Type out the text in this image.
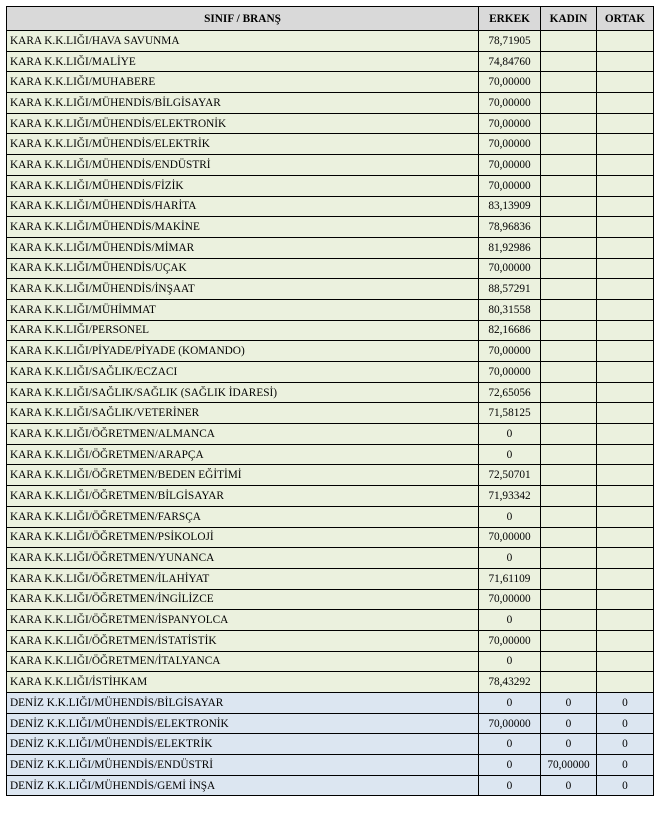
SINIF / BRANŞ	ERKEK	KADIN	ORTAK
KARA K.K.LIĞI/HAVA SAVUNMA	78,71905		
KARA K.K.LIĞI/MALİYE	74,84760		
KARA K.K.LIĞI/MUHABERE	70,00000		
KARA K.K.LIĞI/MÜHENDİS/BİLGİSAYAR	70,00000		
KARA K.K.LIĞI/MÜHENDİS/ELEKTRONİK	70,00000		
KARA K.K.LIĞI/MÜHENDİS/ELEKTRİK	70,00000		
KARA K.K.LIĞI/MÜHENDİS/ENDÜSTRİ	70,00000		
KARA K.K.LIĞI/MÜHENDİS/FİZİK	70,00000		
KARA K.K.LIĞI/MÜHENDİS/HARİTA	83,13909		
KARA K.K.LIĞI/MÜHENDİS/MAKİNE	78,96836		
KARA K.K.LIĞI/MÜHENDİS/MİMAR	81,92986		
KARA K.K.LIĞI/MÜHENDİS/UÇAK	70,00000		
KARA K.K.LIĞI/MÜHENDİS/İNŞAAT	88,57291		
KARA K.K.LIĞI/MÜHİMMAT	80,31558		
KARA K.K.LIĞI/PERSONEL	82,16686		
KARA K.K.LIĞI/PİYADE/PİYADE (KOMANDO)	70,00000		
KARA K.K.LIĞI/SAĞLIK/ECZACI	70,00000		
KARA K.K.LIĞI/SAĞLIK/SAĞLIK (SAĞLIK İDARESİ)	72,65056		
KARA K.K.LIĞI/SAĞLIK/VETERİNER	71,58125		
KARA K.K.LIĞI/ÖĞRETMEN/ALMANCA	0		
KARA K.K.LIĞI/ÖĞRETMEN/ARAPÇA	0		
KARA K.K.LIĞI/ÖĞRETMEN/BEDEN EĞİTİMİ	72,50701		
KARA K.K.LIĞI/ÖĞRETMEN/BİLGİSAYAR	71,93342		
KARA K.K.LIĞI/ÖĞRETMEN/FARSÇA	0		
KARA K.K.LIĞI/ÖĞRETMEN/PSİKOLOJİ	70,00000		
KARA K.K.LIĞI/ÖĞRETMEN/YUNANCA	0		
KARA K.K.LIĞI/ÖĞRETMEN/İLAHİYAT	71,61109		
KARA K.K.LIĞI/ÖĞRETMEN/İNGİLİZCE	70,00000		
KARA K.K.LIĞI/ÖĞRETMEN/İSPANYOLCA	0		
KARA K.K.LIĞI/ÖĞRETMEN/İSTATİSTİK	70,00000		
KARA K.K.LIĞI/ÖĞRETMEN/İTALYANCA	0		
KARA K.K.LIĞI/İSTİHKAM	78,43292		
DENİZ K.K.LIĞI/MÜHENDİS/BİLGİSAYAR	0	0	0
DENİZ K.K.LIĞI/MÜHENDİS/ELEKTRONİK	70,00000	0	0
DENİZ K.K.LIĞI/MÜHENDİS/ELEKTRİK	0	0	0
DENİZ K.K.LIĞI/MÜHENDİS/ENDÜSTRİ	0	70,00000	0
DENİZ K.K.LIĞI/MÜHENDİS/GEMİ İNŞA	0	0	0
